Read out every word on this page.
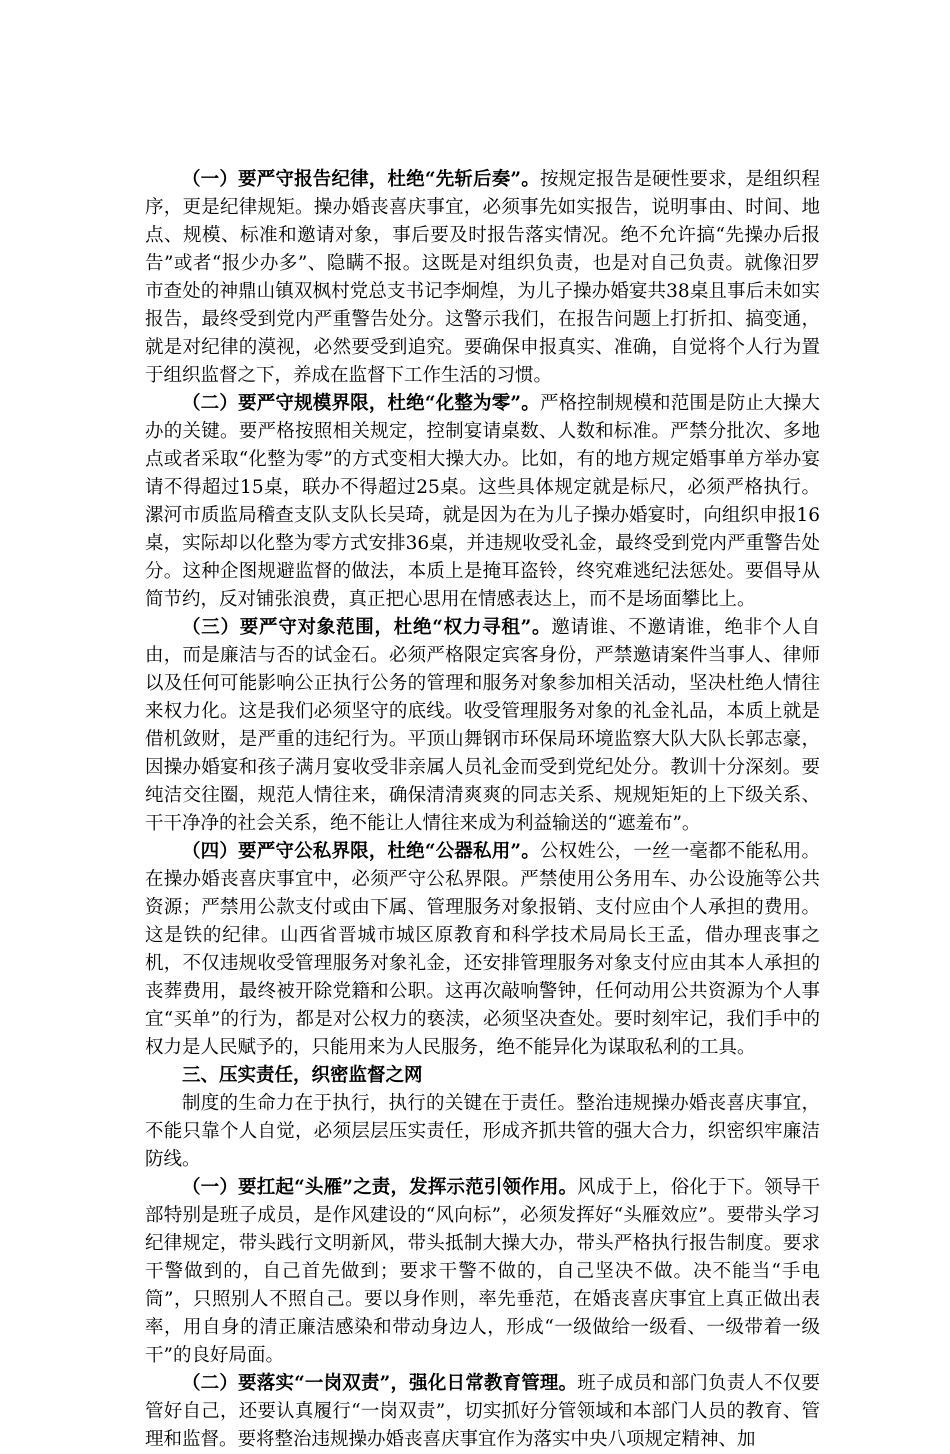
（一）要严守报告纪律，杜绝“先斩后奏”。按规定报告是硬性要求，是组织程序，更是纪律规矩。操办婚丧喜庆事宜，必须事先如实报告，说明事由、时间、地点、规模、标准和邀请对象，事后要及时报告落实情况。绝不允许搞“先操办后报告”或者“报少办多”、隐瞒不报。这既是对组织负责，也是对自己负责。就像汨罗市查处的神鼎山镇双枫村党总支书记李炯煌，为儿子操办婚宴共38桌且事后未如实报告，最终受到党内严重警告处分。这警示我们，在报告问题上打折扣、搞变通，就是对纪律的漠视，必然要受到追究。要确保申报真实、准确，自觉将个人行为置于组织监督之下，养成在监督下工作生活的习惯。

（二）要严守规模界限，杜绝“化整为零”。严格控制规模和范围是防止大操大办的关键。要严格按照相关规定，控制宴请桌数、人数和标准。严禁分批次、多地点或者采取“化整为零”的方式变相大操大办。比如，有的地方规定婚事单方举办宴请不得超过15桌，联办不得超过25桌。这些具体规定就是标尺，必须严格执行。漯河市质监局稽查支队支队长吴琦，就是因为在为儿子操办婚宴时，向组织申报16桌，实际却以化整为零方式安排36桌，并违规收受礼金，最终受到党内严重警告处分。这种企图规避监督的做法，本质上是掩耳盗铃，终究难逃纪法惩处。要倡导从简节约，反对铺张浪费，真正把心思用在情感表达上，而不是场面攀比上。

（三）要严守对象范围，杜绝“权力寻租”。邀请谁、不邀请谁，绝非个人自由，而是廉洁与否的试金石。必须严格限定宾客身份，严禁邀请案件当事人、律师以及任何可能影响公正执行公务的管理和服务对象参加相关活动，坚决杜绝人情往来权力化。这是我们必须坚守的底线。收受管理服务对象的礼金礼品，本质上就是借机敛财，是严重的违纪行为。平顶山舞钢市环保局环境监察大队大队长郭志豪，因操办婚宴和孩子满月宴收受非亲属人员礼金而受到党纪处分。教训十分深刻。要纯洁交往圈，规范人情往来，确保清清爽爽的同志关系、规规矩矩的上下级关系、干干净净的社会关系，绝不能让人情往来成为利益输送的“遮羞布”。

（四）要严守公私界限，杜绝“公器私用”。公权姓公，一丝一毫都不能私用。在操办婚丧喜庆事宜中，必须严守公私界限。严禁使用公务用车、办公设施等公共资源；严禁用公款支付或由下属、管理服务对象报销、支付应由个人承担的费用。这是铁的纪律。山西省晋城市城区原教育和科学技术局局长王孟，借办理丧事之机，不仅违规收受管理服务对象礼金，还安排管理服务对象支付应由其本人承担的丧葬费用，最终被开除党籍和公职。这再次敲响警钟，任何动用公共资源为个人事宜“买单”的行为，都是对公权力的亵渎，必须坚决查处。要时刻牢记，我们手中的权力是人民赋予的，只能用来为人民服务，绝不能异化为谋取私利的工具。

三、压实责任，织密监督之网

制度的生命力在于执行，执行的关键在于责任。整治违规操办婚丧喜庆事宜，不能只靠个人自觉，必须层层压实责任，形成齐抓共管的强大合力，织密织牢廉洁防线。

（一）要扛起“头雁”之责，发挥示范引领作用。风成于上，俗化于下。领导干部特别是班子成员，是作风建设的“风向标”，必须发挥好“头雁效应”。要带头学习纪律规定，带头践行文明新风，带头抵制大操大办，带头严格执行报告制度。要求干警做到的，自己首先做到；要求干警不做的，自己坚决不做。决不能当“手电筒”，只照别人不照自己。要以身作则，率先垂范，在婚丧喜庆事宜上真正做出表率，用自身的清正廉洁感染和带动身边人，形成“一级做给一级看、一级带着一级干”的良好局面。

（二）要落实“一岗双责”，强化日常教育管理。班子成员和部门负责人不仅要管好自己，还要认真履行“一岗双责”，切实抓好分管领域和本部门人员的教育、管理和监督。要将整治违规操办婚丧喜庆事宜作为落实中央八项规定精神、加
